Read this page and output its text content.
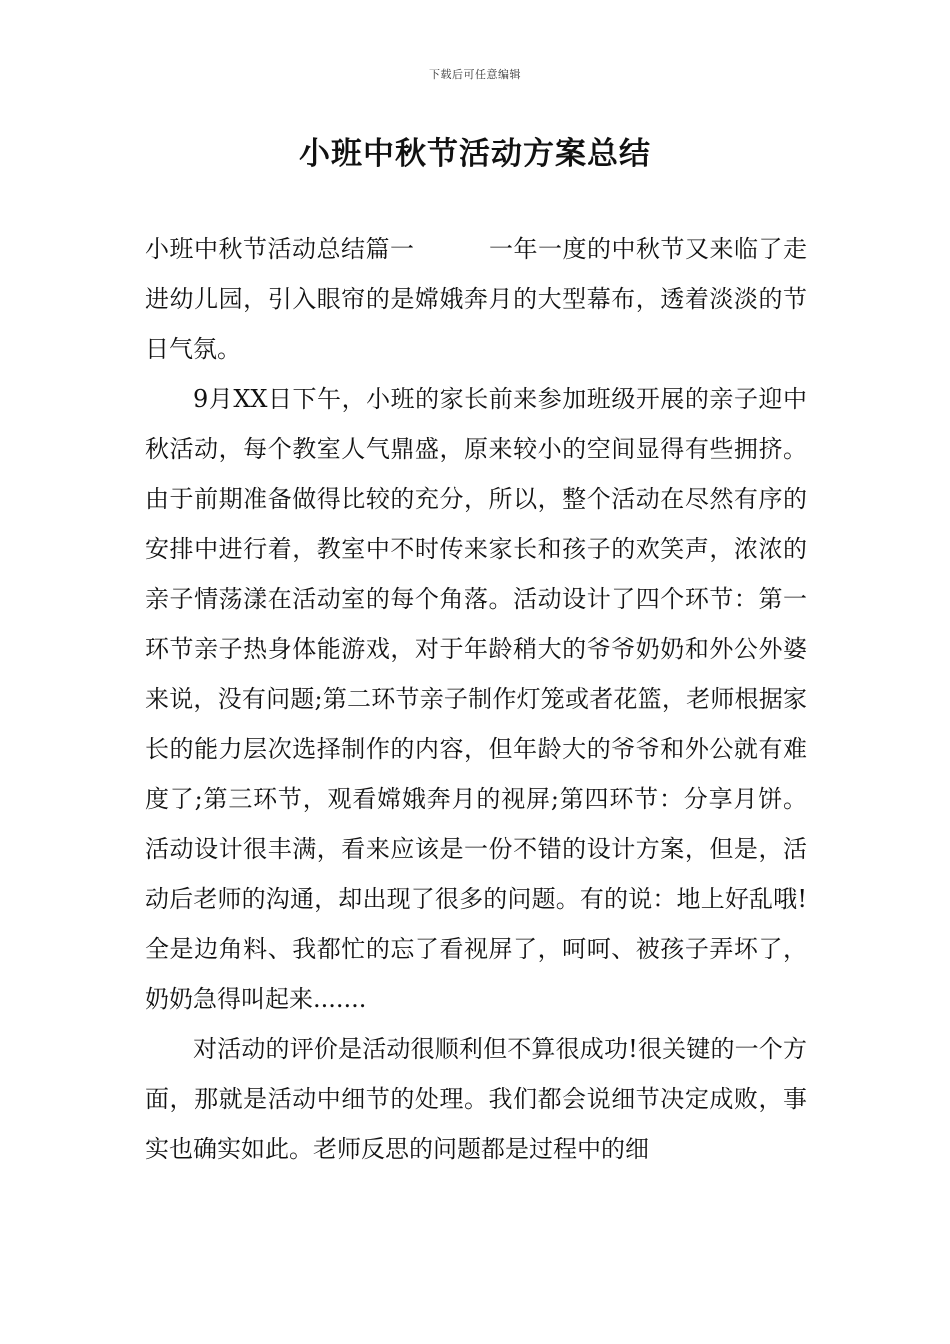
下载后可任意编辑
小班中秋节活动方案总结

小班中秋节活动总结篇一	一年一度的中秋节又来临了走进幼儿园，引入眼帘的是嫦娥奔月的大型幕布，透着淡淡的节日气氛。

9月XX日下午，小班的家长前来参加班级开展的亲子迎中秋活动，每个教室人气鼎盛，原来较小的空间显得有些拥挤。由于前期准备做得比较的充分，所以，整个活动在尽然有序的安排中进行着，教室中不时传来家长和孩子的欢笑声，浓浓的亲子情荡漾在活动室的每个角落。活动设计了四个环节：第一环节亲子热身体能游戏，对于年龄稍大的爷爷奶奶和外公外婆来说，没有问题;第二环节亲子制作灯笼或者花篮，老师根据家长的能力层次选择制作的内容，但年龄大的爷爷和外公就有难度了;第三环节，观看嫦娥奔月的视屏;第四环节：分享月饼。活动设计很丰满，看来应该是一份不错的设计方案，但是，活动后老师的沟通，却出现了很多的问题。有的说：地上好乱哦!全是边角料、我都忙的忘了看视屏了，呵呵、被孩子弄坏了，奶奶急得叫起来.......

对活动的评价是活动很顺利但不算很成功!很关键的一个方面，那就是活动中细节的处理。我们都会说细节决定成败，事实也确实如此。老师反思的问题都是过程中的细
